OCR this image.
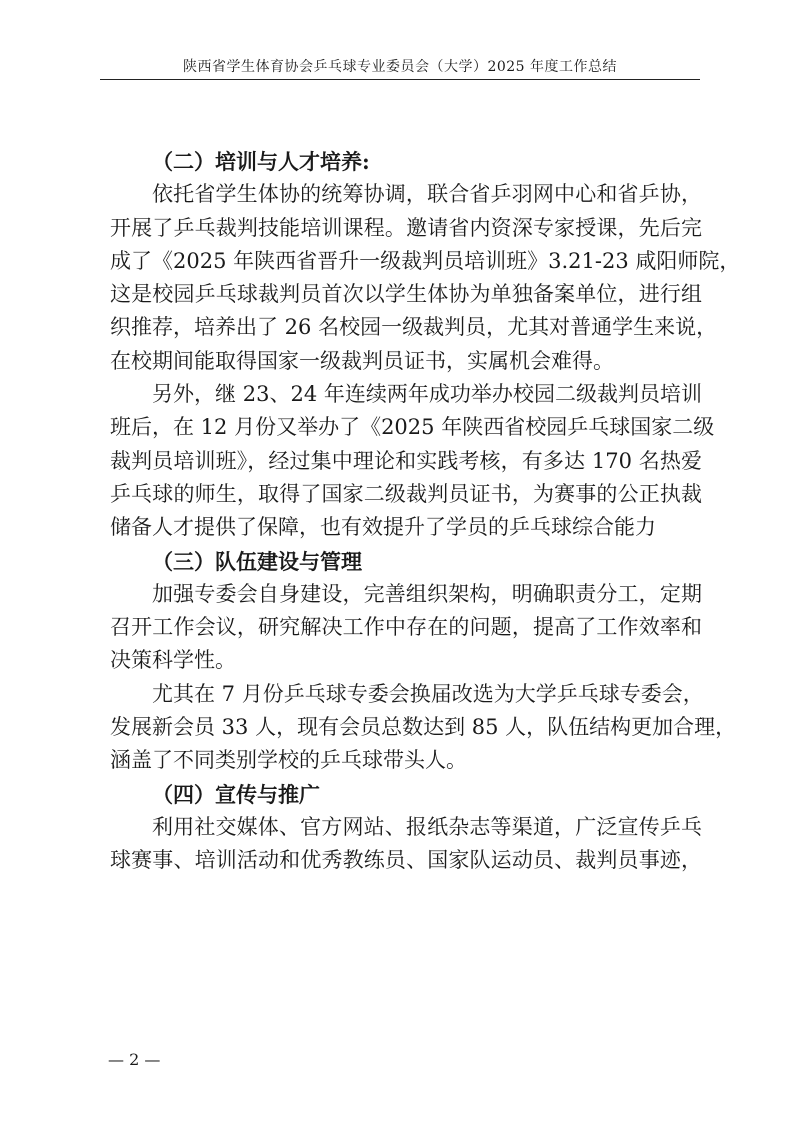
陕西省学生体育协会乒乓球专业委员会（大学）2025 年度工作总结
（二）培训与人才培养:
依托省学生体协的统筹协调，联合省乒羽网中心和省乒协，
开展了乒乓裁判技能培训课程。邀请省内资深专家授课，先后完
成了《2025 年陕西省晋升一级裁判员培训班》3.21-23 咸阳师院，
这是校园乒乓球裁判员首次以学生体协为单独备案单位，进行组
织推荐，培养出了 26 名校园一级裁判员，尤其对普通学生来说，
在校期间能取得国家一级裁判员证书，实属机会难得。
另外，继 23、24 年连续两年成功举办校园二级裁判员培训
班后，在 12 月份又举办了《2025 年陕西省校园乒乓球国家二级
裁判员培训班》，经过集中理论和实践考核，有多达 170 名热爱
乒乓球的师生，取得了国家二级裁判员证书，为赛事的公正执裁
储备人才提供了保障，也有效提升了学员的乒乓球综合能力
（三）队伍建设与管理
加强专委会自身建设，完善组织架构，明确职责分工，定期
召开工作会议，研究解决工作中存在的问题，提高了工作效率和
决策科学性。
尤其在 7 月份乒乓球专委会换届改选为大学乒乓球专委会，
发展新会员 33 人，现有会员总数达到 85 人，队伍结构更加合理，
涵盖了不同类别学校的乒乓球带头人。
（四）宣传与推广
利用社交媒体、官方网站、报纸杂志等渠道，广泛宣传乒乓
球赛事、培训活动和优秀教练员、国家队运动员、裁判员事迹，
— 2 —
